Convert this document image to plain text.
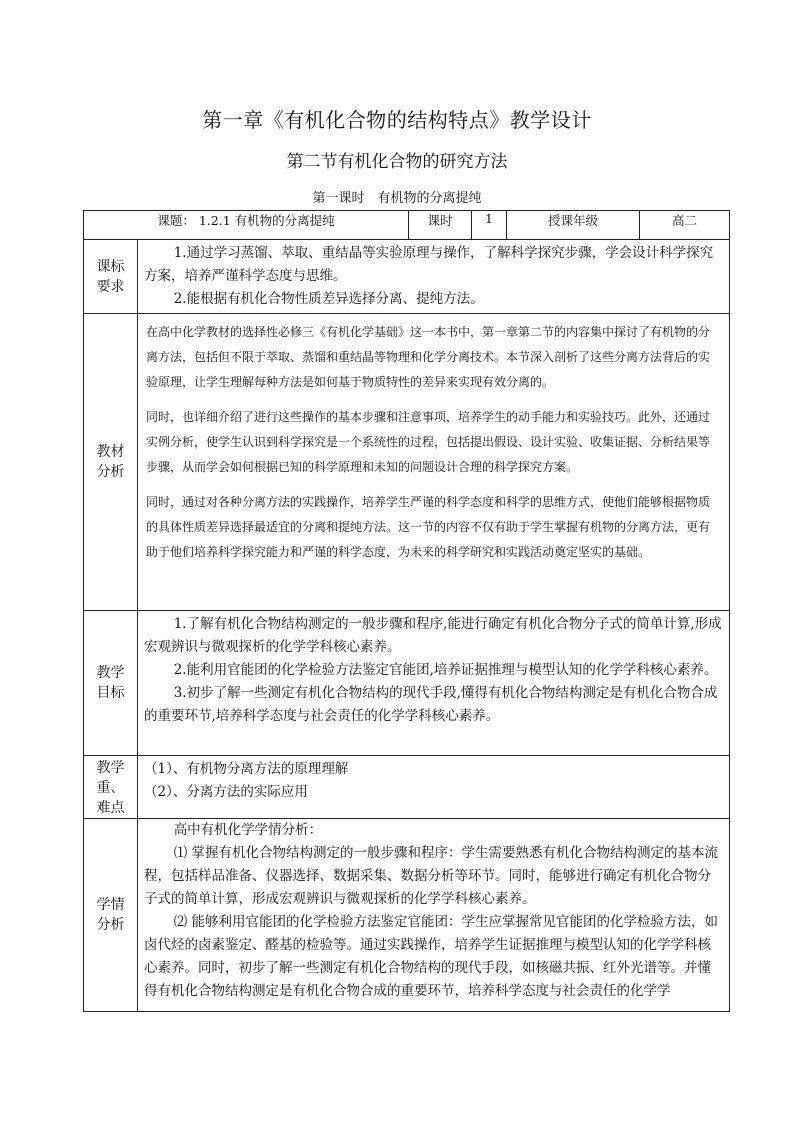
第一章《有机化合物的结构特点》教学设计
第二节有机化合物的研究方法
第一课时　有机物的分离提纯
课题： 1.2.1 有机物的分离提纯		课时	1	授课年级	高二
课标要求	1.通过学习蒸馏、萃取、重结晶等实验原理与操作，了解科学探究步骤，学会设计科学探究方案，培养严谨科学态度与思维。

2.能根据有机化合物性质差异选择分离、提纯方法。				

教材分析	在高中化学教材的选择性必修三《有机化学基础》这一本书中，第一章第二节的内容集中探讨了有机物的分离方法，包括但不限于萃取、蒸馏和重结晶等物理和化学分离技术。本节深入剖析了这些分离方法背后的实验原理，让学生理解每种方法是如何基于物质特性的差异来实现有效分离的。

同时，也详细介绍了进行这些操作的基本步骤和注意事项，培养学生的动手能力和实验技巧。此外，还通过实例分析，使学生认识到科学探究是一个系统性的过程，包括提出假设、设计实验、收集证据、分析结果等步骤，从而学会如何根据已知的科学原理和未知的问题设计合理的科学探究方案。

同时，通过对各种分离方法的实践操作，培养学生严谨的科学态度和科学的思维方式，使他们能够根据物质的具体性质差异选择最适宜的分离和提纯方法。这一节的内容不仅有助于学生掌握有机物的分离方法，更有助于他们培养科学探究能力和严谨的科学态度，为未来的科学研究和实践活动奠定坚实的基础。				

教学目标	1.了解有机化合物结构测定的一般步骤和程序,能进行确定有机化合物分子式的简单计算,形成宏观辨识与微观探析的化学学科核心素养。

2.能利用官能团的化学检验方法鉴定官能团,培养证据推理与模型认知的化学学科核心素养。

3.初步了解一些测定有机化合物结构的现代手段,懂得有机化合物结构测定是有机化合物合成的重要环节,培养科学态度与社会责任的化学学科核心素养。				

教学重、难点	（1）、有机物分离方法的原理理解

（2）、分离方法的实际应用				

学情分析	高中有机化学学情分析：

⑴ 掌握有机化合物结构测定的一般步骤和程序：学生需要熟悉有机化合物结构测定的基本流程，包括样品准备、仪器选择、数据采集、数据分析等环节。同时，能够进行确定有机化合物分子式的简单计算，形成宏观辨识与微观探析的化学学科核心素养。

⑵ 能够利用官能团的化学检验方法鉴定官能团：学生应掌握常见官能团的化学检验方法，如卤代烃的卤素鉴定、醛基的检验等。通过实践操作，培养学生证据推理与模型认知的化学学科核心素养。同时，初步了解一些测定有机化合物结构的现代手段，如核磁共振、红外光谱等。并懂得有机化合物结构测定是有机化合物合成的重要环节，培养科学态度与社会责任的化学学				
